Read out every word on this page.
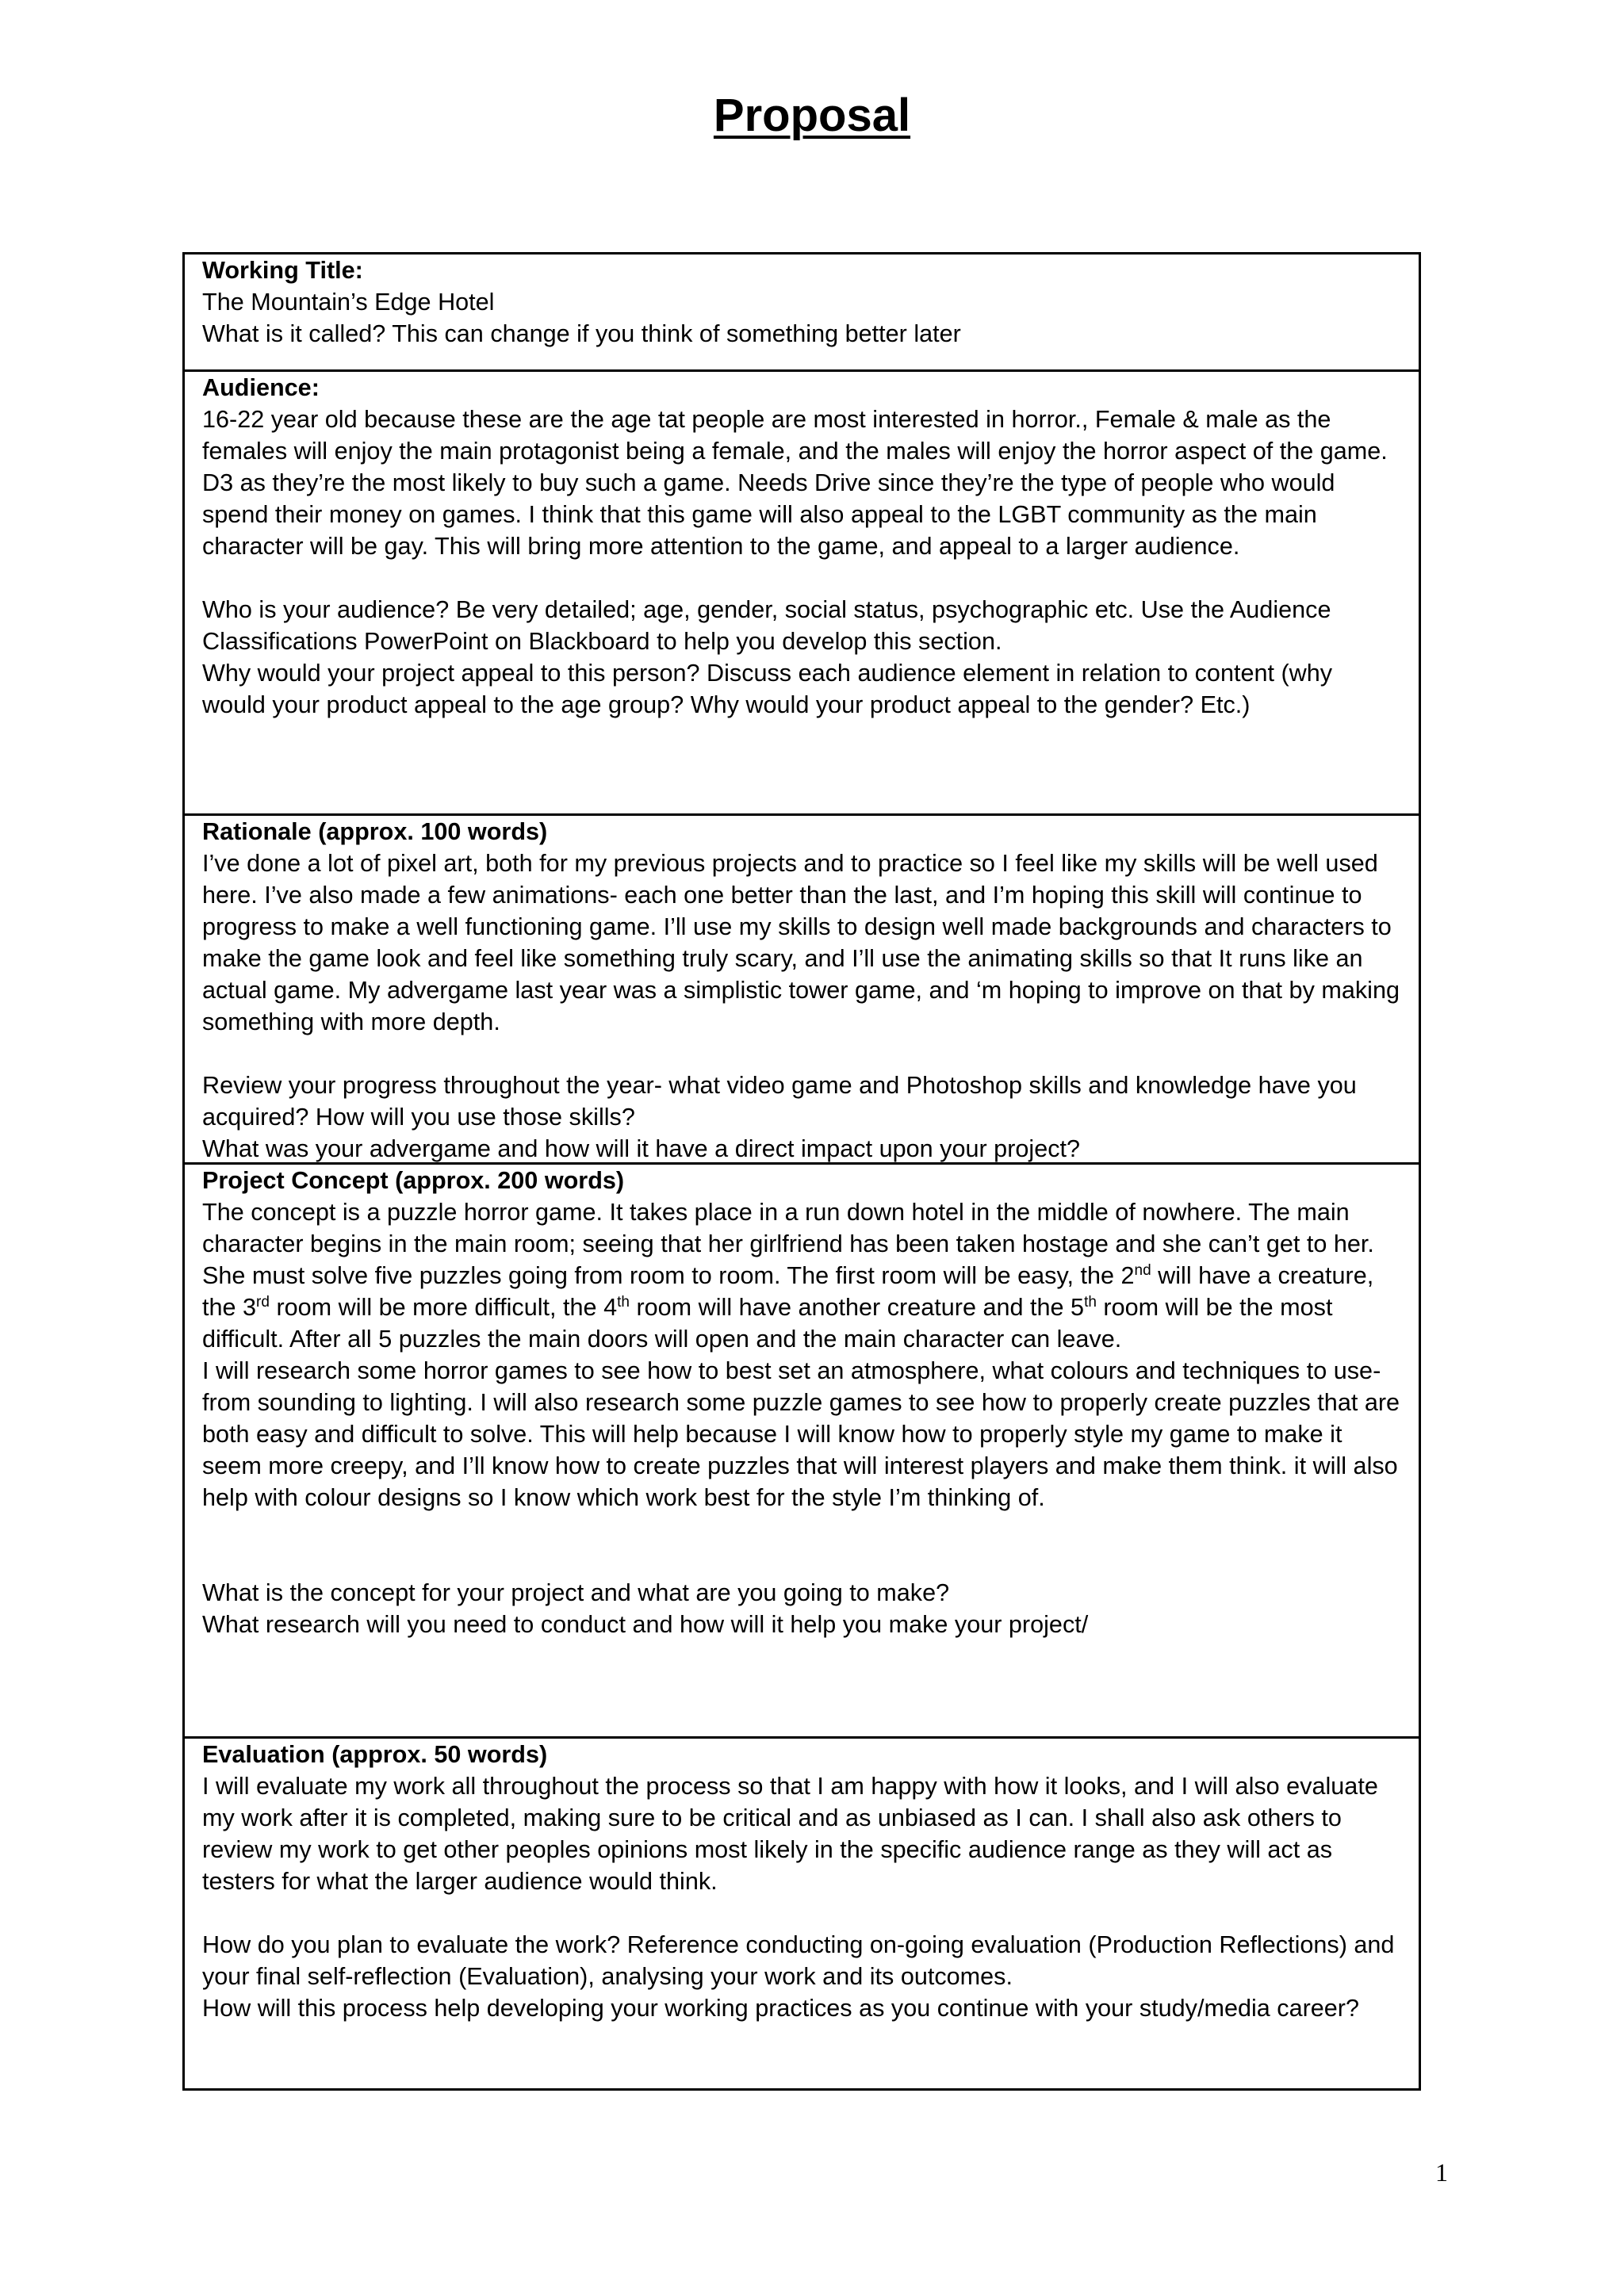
Proposal

Working Title:

The Mountain’s Edge Hotel

What is it called? This can change if you think of something better later

Audience:

16-22 year old because these are the age tat people are most interested in horror., Female & male as the females will enjoy the main protagonist being a female, and the males will enjoy the horror aspect of the game. D3 as they’re the most likely to buy such a game. Needs Drive since they’re the type of people who would spend their money on games. I think that this game will also appeal to the LGBT community as the main character will be gay. This will bring more attention to the game, and appeal to a larger audience.

Who is your audience? Be very detailed; age, gender, social status, psychographic etc. Use the Audience Classifications PowerPoint on Blackboard to help you develop this section.
Why would your project appeal to this person? Discuss each audience element in relation to content (why would your product appeal to the age group? Why would your product appeal to the gender? Etc.)

Rationale (approx. 100 words)

I’ve done a lot of pixel art, both for my previous projects and to practice so I feel like my skills will be well used here. I’ve also made a few animations- each one better than the last, and I’m hoping this skill will continue to progress to make a well functioning game. I’ll use my skills to design well made backgrounds and characters to make the game look and feel like something truly scary, and I’ll use the animating skills so that It runs like an actual game. My advergame last year was a simplistic tower game, and ‘m hoping to improve on that by making something with more depth.

Review your progress throughout the year- what video game and Photoshop skills and knowledge have you acquired? How will you use those skills?
What was your advergame and how will it have a direct impact upon your project?

Project Concept (approx. 200 words)

The concept is a puzzle horror game. It takes place in a run down hotel in the middle of nowhere. The main character begins in the main room; seeing that her girlfriend has been taken hostage and she can’t get to her. She must solve five puzzles going from room to room. The first room will be easy, the 2nd will have a creature, the 3rd room will be more difficult, the 4th room will have another creature and the 5th room will be the most difficult. After all 5 puzzles the main doors will open and the main character can leave.

I will research some horror games to see how to best set an atmosphere, what colours and techniques to use- from sounding to lighting. I will also research some puzzle games to see how to properly create puzzles that are both easy and difficult to solve. This will help because I will know how to properly style my game to make it seem more creepy, and I’ll know how to create puzzles that will interest players and make them think. it will also help with colour designs so I know which work best for the style I’m thinking of.

What is the concept for your project and what are you going to make?
What research will you need to conduct and how will it help you make your project/

Evaluation (approx. 50 words)

I will evaluate my work all throughout the process so that I am happy with how it looks, and I will also evaluate my work after it is completed, making sure to be critical and as unbiased as I can. I shall also ask others to review my work to get other peoples opinions most likely in the specific audience range as they will act as testers for what the larger audience would think.

How do you plan to evaluate the work? Reference conducting on-going evaluation (Production Reflections) and your final self-reflection (Evaluation), analysing your work and its outcomes.
How will this process help developing your working practices as you continue with your study/media career?

1
